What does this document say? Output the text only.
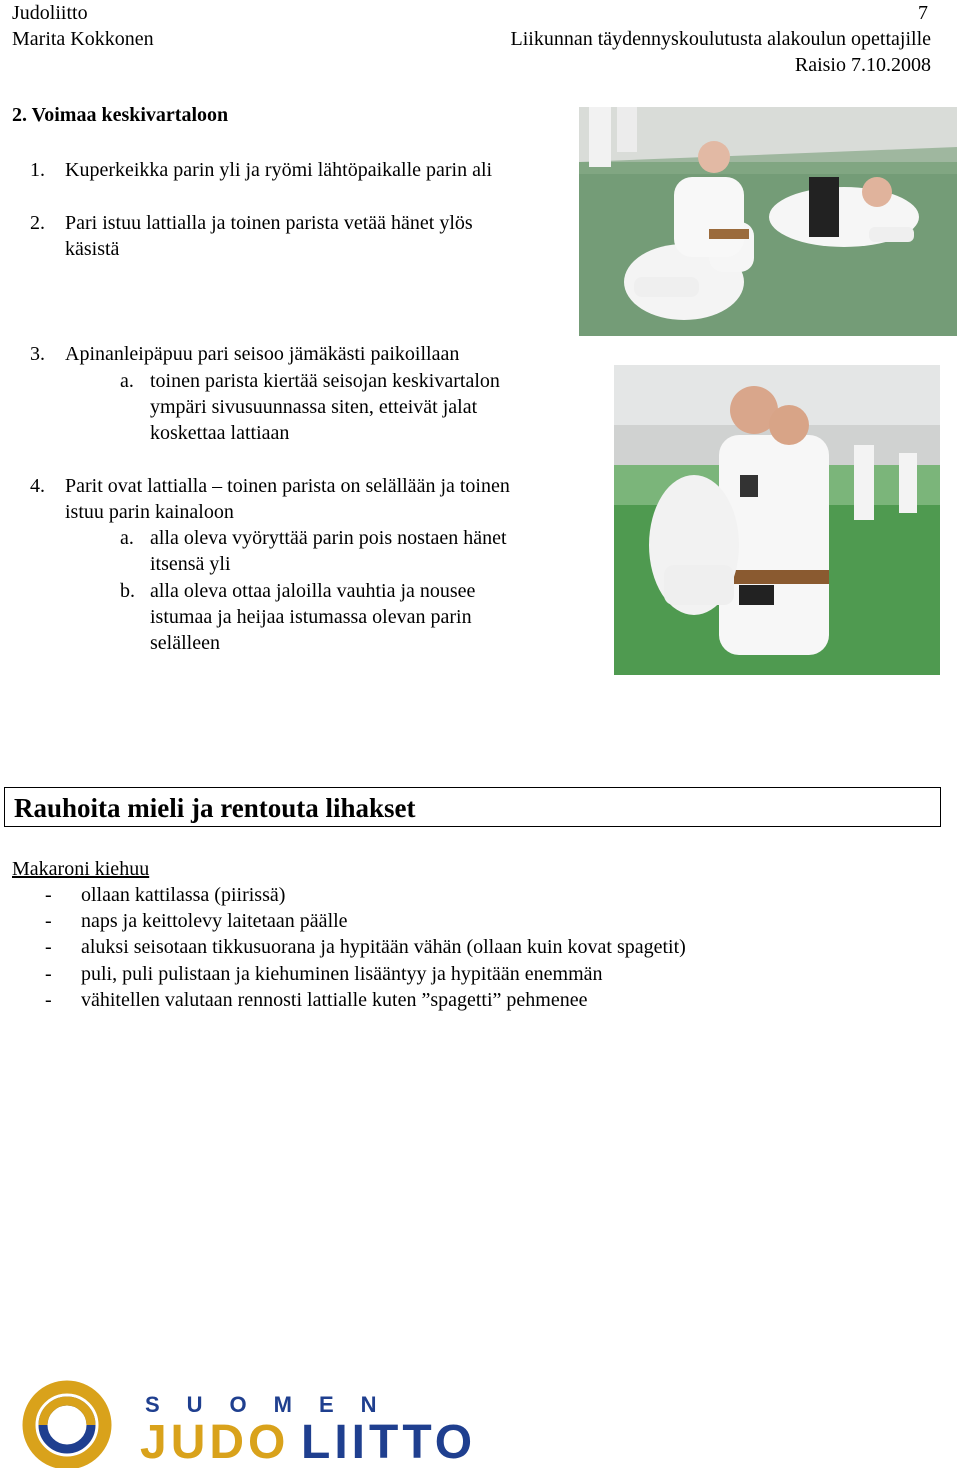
Judoliitto	7
Marita Kokkonen	Liikunnan täydennyskoulutusta alakoulun opettajille
Raisio 7.10.2008
2. Voimaa keskivartaloon
1. Kuperkeikka parin yli ja ryömi lähtöpaikalle parin ali
2. Pari istuu lattialla ja toinen parista vetää hänet ylös
käsistä
3. Apinanleipäpuu pari seisoo jämäkästi paikoillaan
a. toinen parista kiertää seisojan keskivartalon
ympäri sivusuunnassa siten, etteivät jalat
koskettaa lattiaan
4. Parit ovat lattialla – toinen parista on selällään ja toinen
istuu parin kainaloon
a. alla oleva vyöryttää parin pois nostaen hänet
itsensä yli
b. alla oleva ottaa jaloilla vauhtia ja nousee
istumaa ja heijaa istumassa olevan parin
selälleen
Rauhoita mieli ja rentouta lihakset
Makaroni kiehuu
- ollaan kattilassa (piirissä)
- naps ja keittolevy laitetaan päälle
- aluksi seisotaan tikkusuorana ja hypitään vähän (ollaan kuin kovat spagetit)
- puli, puli pulistaan ja kiehuminen lisääntyy ja hypitään enemmän
- vähitellen valutaan rennosti lattialle kuten ”spagetti” pehmenee
SUOMEN
JUDO LIITTO
